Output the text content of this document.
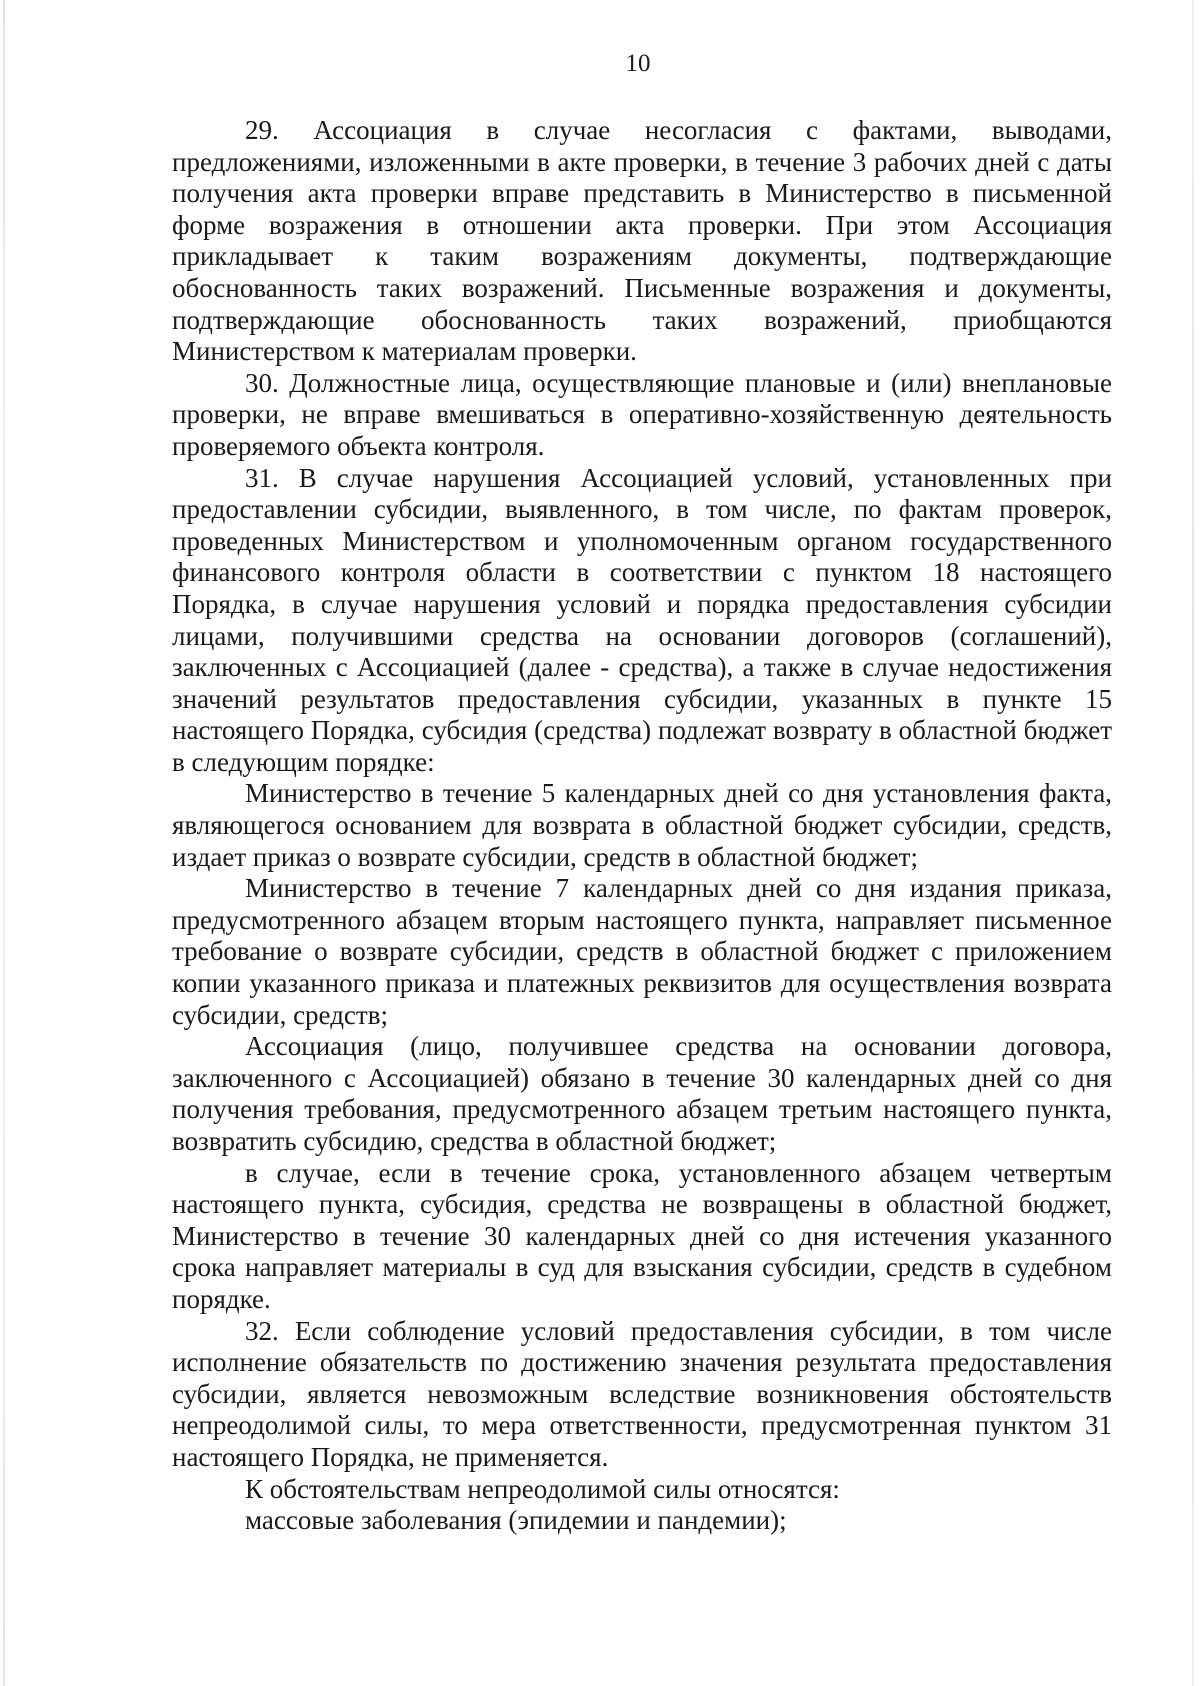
10

29. Ассоциация в случае несогласия с фактами, выводами, предложениями, изложенными в акте проверки, в течение 3 рабочих дней с даты получения акта проверки вправе представить в Министерство в письменной форме возражения в отношении акта проверки. При этом Ассоциация прикладывает к таким возражениям документы, подтверждающие обоснованность таких возражений. Письменные возражения и документы, подтверждающие обоснованность таких возражений, приобщаются Министерством к материалам проверки.

30. Должностные лица, осуществляющие плановые и (или) внеплановые проверки, не вправе вмешиваться в оперативно-хозяйственную деятельность проверяемого объекта контроля.

31. В случае нарушения Ассоциацией условий, установленных при предоставлении субсидии, выявленного, в том числе, по фактам проверок, проведенных Министерством и уполномоченным органом государственного финансового контроля области в соответствии с пунктом 18 настоящего Порядка, в случае нарушения условий и порядка предоставления субсидии лицами, получившими средства на основании договоров (соглашений), заключенных с Ассоциацией (далее - средства), а также в случае недостижения значений результатов предоставления субсидии, указанных в пункте 15 настоящего Порядка, субсидия (средства) подлежат возврату в областной бюджет в следующим порядке:

Министерство в течение 5 календарных дней со дня установления факта, являющегося основанием для возврата в областной бюджет субсидии, средств, издает приказ о возврате субсидии, средств в областной бюджет;

Министерство в течение 7 календарных дней со дня издания приказа, предусмотренного абзацем вторым настоящего пункта, направляет письменное требование о возврате субсидии, средств в областной бюджет с приложением копии указанного приказа и платежных реквизитов для осуществления возврата субсидии, средств;

Ассоциация (лицо, получившее средства на основании договора, заключенного с Ассоциацией) обязано в течение 30 календарных дней со дня получения требования, предусмотренного абзацем третьим настоящего пункта, возвратить субсидию, средства в областной бюджет;

в случае, если в течение срока, установленного абзацем четвертым настоящего пункта, субсидия, средства не возвращены в областной бюджет, Министерство в течение 30 календарных дней со дня истечения указанного срока направляет материалы в суд для взыскания субсидии, средств в судебном порядке.

32. Если соблюдение условий предоставления субсидии, в том числе исполнение обязательств по достижению значения результата предоставления субсидии, является невозможным вследствие возникновения обстоятельств непреодолимой силы, то мера ответственности, предусмотренная пунктом 31 настоящего Порядка, не применяется.

К обстоятельствам непреодолимой силы относятся:

массовые заболевания (эпидемии и пандемии);
